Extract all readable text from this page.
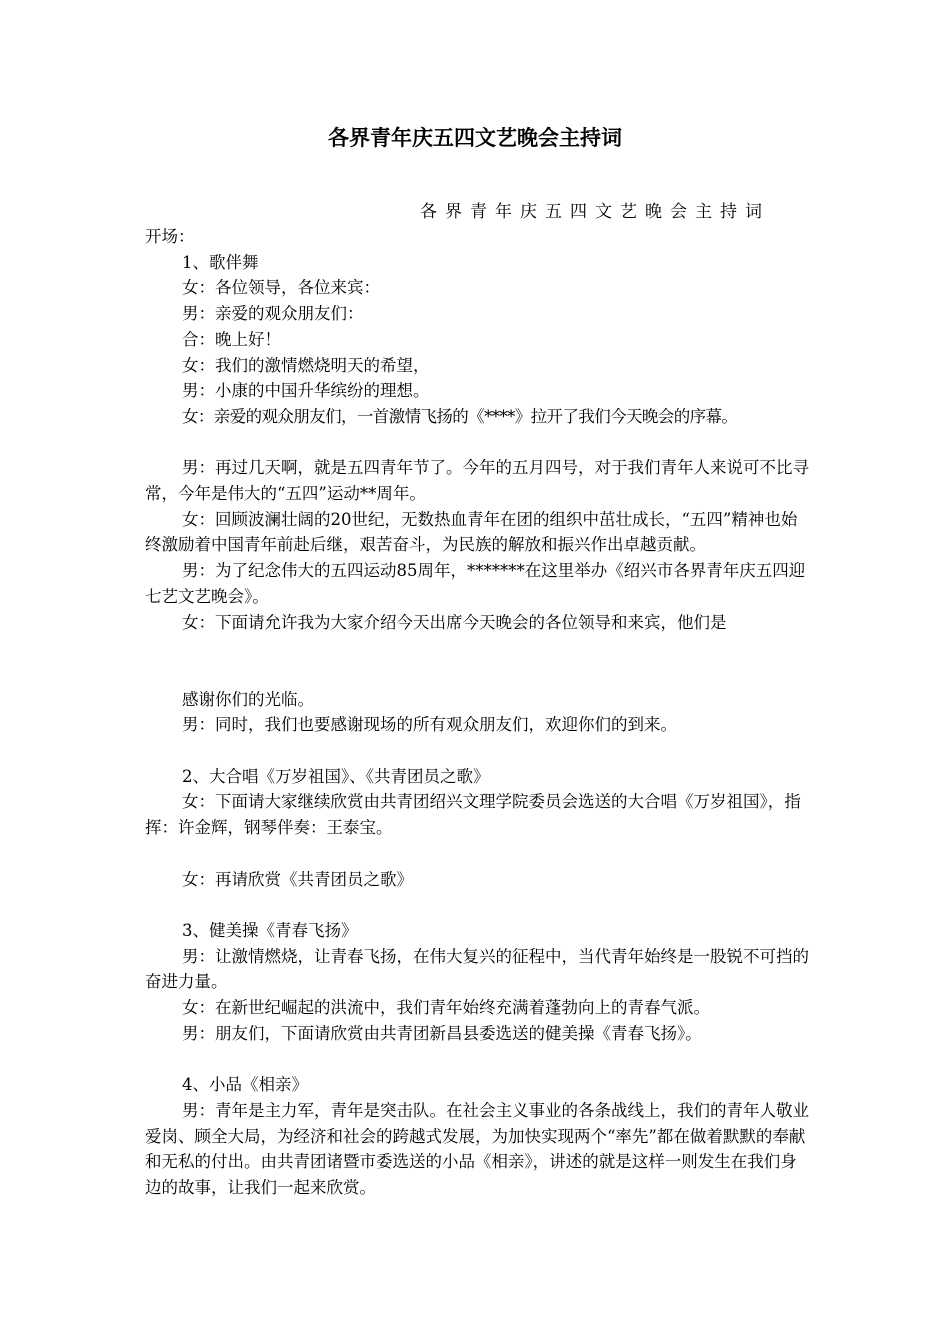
各界青年庆五四文艺晚会主持词
各界青年庆五四文艺晚会主持词

开场：

1、歌伴舞

女：各位领导，各位来宾：

男：亲爱的观众朋友们：

合：晚上好！

女：我们的激情燃烧明天的希望，

男：小康的中国升华缤纷的理想。

女：亲爱的观众朋友们，一首激情飞扬的《****》拉开了我们今天晚会的序幕。

男：再过几天啊，就是五四青年节了。今年的五月四号，对于我们青年人来说可不比寻常，今年是伟大的“五四”运动**周年。

女：回顾波澜壮阔的20世纪，无数热血青年在团的组织中茁壮成长，“五四”精神也始终激励着中国青年前赴后继，艰苦奋斗，为民族的解放和振兴作出卓越贡献。

男：为了纪念伟大的五四运动85周年，*******在这里举办《绍兴市各界青年庆五四迎七艺文艺晚会》。

女：下面请允许我为大家介绍今天出席今天晚会的各位领导和来宾，他们是

感谢你们的光临。

男：同时，我们也要感谢现场的所有观众朋友们，欢迎你们的到来。

2、大合唱《万岁祖国》、《共青团员之歌》

女：下面请大家继续欣赏由共青团绍兴文理学院委员会选送的大合唱《万岁祖国》，指挥：许金辉，钢琴伴奏：王泰宝。

女：再请欣赏《共青团员之歌》

3、健美操《青春飞扬》

男：让激情燃烧，让青春飞扬，在伟大复兴的征程中，当代青年始终是一股锐不可挡的奋进力量。

女：在新世纪崛起的洪流中，我们青年始终充满着蓬勃向上的青春气派。

男：朋友们，下面请欣赏由共青团新昌县委选送的健美操《青春飞扬》。

4、小品《相亲》

男：青年是主力军，青年是突击队。在社会主义事业的各条战线上，我们的青年人敬业爱岗、顾全大局，为经济和社会的跨越式发展，为加快实现两个“率先”都在做着默默的奉献和无私的付出。由共青团诸暨市委选送的小品《相亲》，讲述的就是这样一则发生在我们身边的故事，让我们一起来欣赏。
